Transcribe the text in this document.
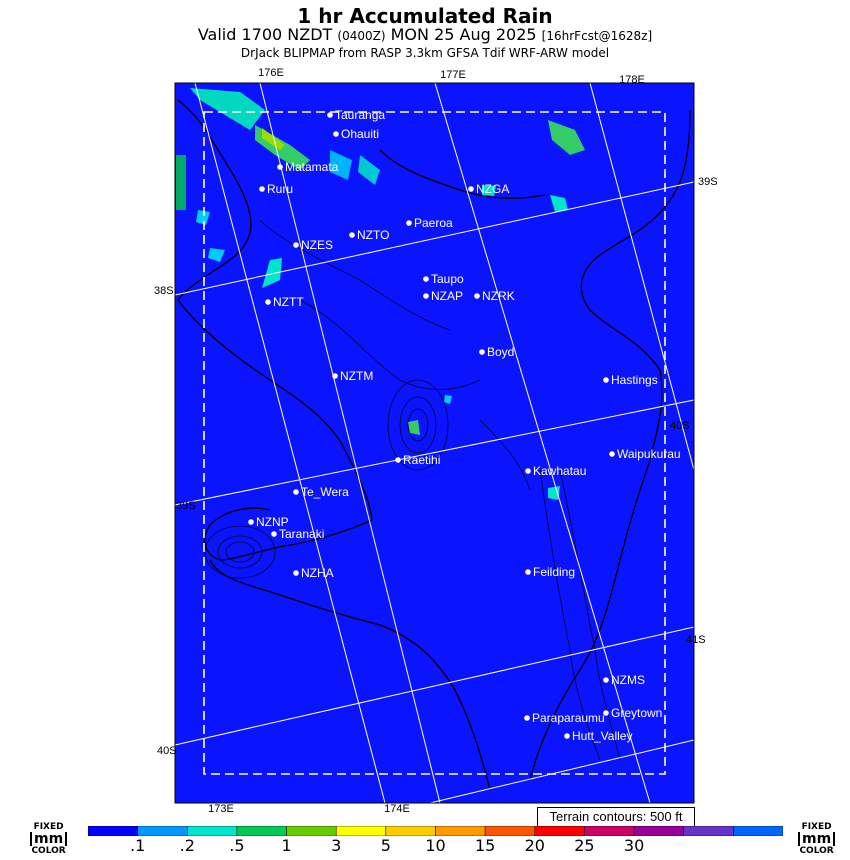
1 hr Accumulated Rain
Valid 1700 NZDT (0400Z) MON 25 Aug 2025 [16hrFcst@1628z]
DrJack BLIPMAP from RASP 3.3km GFSA Tdif WRF-ARW model
176E	177E	178E
173E	174E
39S
38S
40S
39S
41S
40S
Tauranga
Ohauiti
Matamata
Ruru	NZGA
Paeroa
NZTO
NZES
Taupo
NZAP NZRK
NZTT
Boyd
NZTM	Hastings
Raetihi	Waipukurau
Kawhatau
Te_Wera
NZNP
Taranaki
NZHA	Feilding
NZMS
Greytown
Paraparaumu
Hutt_Valley
Terrain contours: 500 ft
FIXED
mm
COLOR
FIXED
mm
COLOR
.1 .2 .5 1 3 5 10 15 20 25 30
